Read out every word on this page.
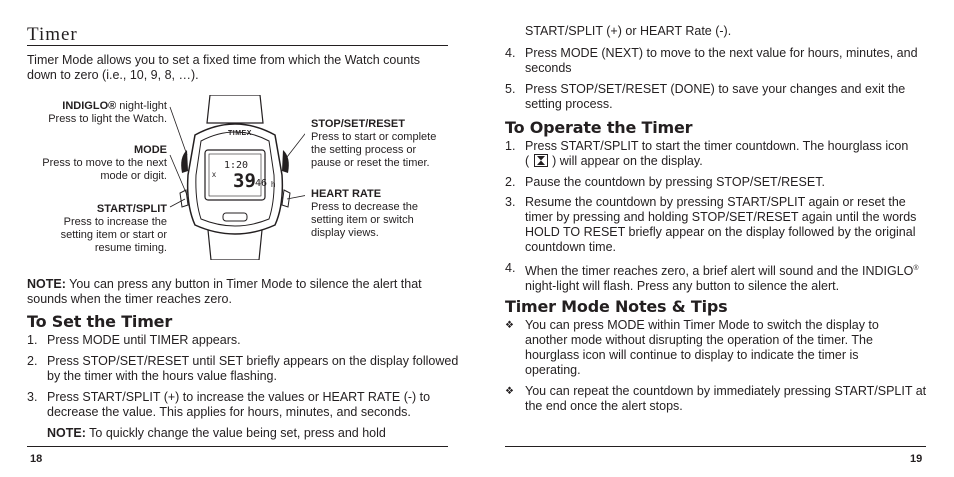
Timer
Timer Mode allows you to set a fixed time from which the Watch counts
down to zero (i.e., 10, 9, 8, …).
INDIGLO® night-light
Press to light the Watch.
MODE
Press to move to the next
mode or digit.
START/SPLIT
Press to increase the
setting item or start or
resume timing.
STOP/SET/RESET
Press to start or complete
the setting process or
pause or reset the timer.
HEART RATE
Press to decrease the
setting item or switch
display views.
TIMEX
1:20
x 39 46 h
NOTE: You can press any button in Timer Mode to silence the alert that
sounds when the timer reaches zero.
To Set the Timer
1. Press MODE until TIMER appears.
2. Press STOP/SET/RESET until SET briefly appears on the display followed
by the timer with the hours value flashing.
3. Press START/SPLIT (+) to increase the values or HEART RATE (-) to
decrease the value. This applies for hours, minutes, and seconds.
NOTE: To quickly change the value being set, press and hold
18
START/SPLIT (+) or HEART Rate (-).
4. Press MODE (NEXT) to move to the next value for hours, minutes, and
seconds
5. Press STOP/SET/RESET (DONE) to save your changes and exit the
setting process.
To Operate the Timer
1. Press START/SPLIT to start the timer countdown. The hourglass icon
( ) will appear on the display.
2. Pause the countdown by pressing STOP/SET/RESET.
3. Resume the countdown by pressing START/SPLIT again or reset the
timer by pressing and holding STOP/SET/RESET again until the words
HOLD TO RESET briefly appear on the display followed by the original
countdown time.
4. When the timer reaches zero, a brief alert will sound and the INDIGLO®
night-light will flash. Press any button to silence the alert.
Timer Mode Notes & Tips
❖ You can press MODE within Timer Mode to switch the display to
another mode without disrupting the operation of the timer. The
hourglass icon will continue to display to indicate the timer is
operating.
❖ You can repeat the countdown by immediately pressing START/SPLIT at
the end once the alert stops.
19
